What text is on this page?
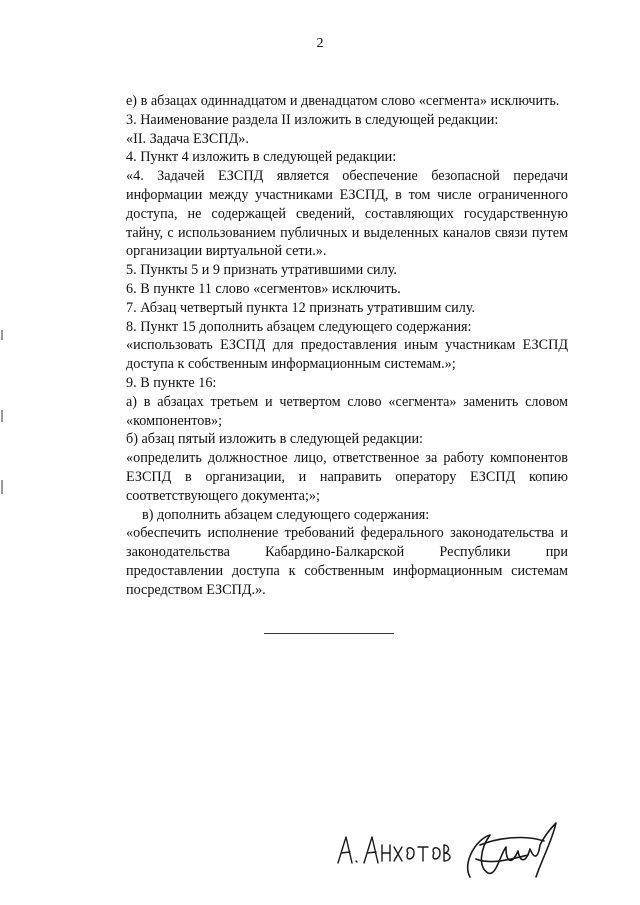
2

е) в абзацах одиннадцатом и двенадцатом слово «сегмента» исключить.

3. Наименование раздела II изложить в следующей редакции:

«II. Задача ЕЗСПД».

4. Пункт 4 изложить в следующей редакции:

«4. Задачей ЕЗСПД является обеспечение безопасной передачи информации между участниками ЕЗСПД, в том числе ограниченного доступа, не содержащей сведений, составляющих государственную тайну, с использованием публичных и выделенных каналов связи путем организации виртуальной сети.».

5. Пункты 5 и 9 признать утратившими силу.

6. В пункте 11 слово «сегментов» исключить.

7. Абзац четвертый пункта 12 признать утратившим силу.

8. Пункт 15 дополнить абзацем следующего содержания:

«использовать ЕЗСПД для предоставления иным участникам ЕЗСПД доступа к собственным информационным системам.»;

9. В пункте 16:

а) в абзацах третьем и четвертом слово «сегмента» заменить словом «компонентов»;

б) абзац пятый изложить в следующей редакции:

«определить должностное лицо, ответственное за работу компонентов ЕЗСПД в организации, и направить оператору ЕЗСПД копию соответствующего документа;»;

в) дополнить абзацем следующего содержания:

«обеспечить исполнение требований федерального законодательства и законодательства Кабардино-Балкарской Республики при предоставлении доступа к собственным информационным системам посредством ЕЗСПД.».
